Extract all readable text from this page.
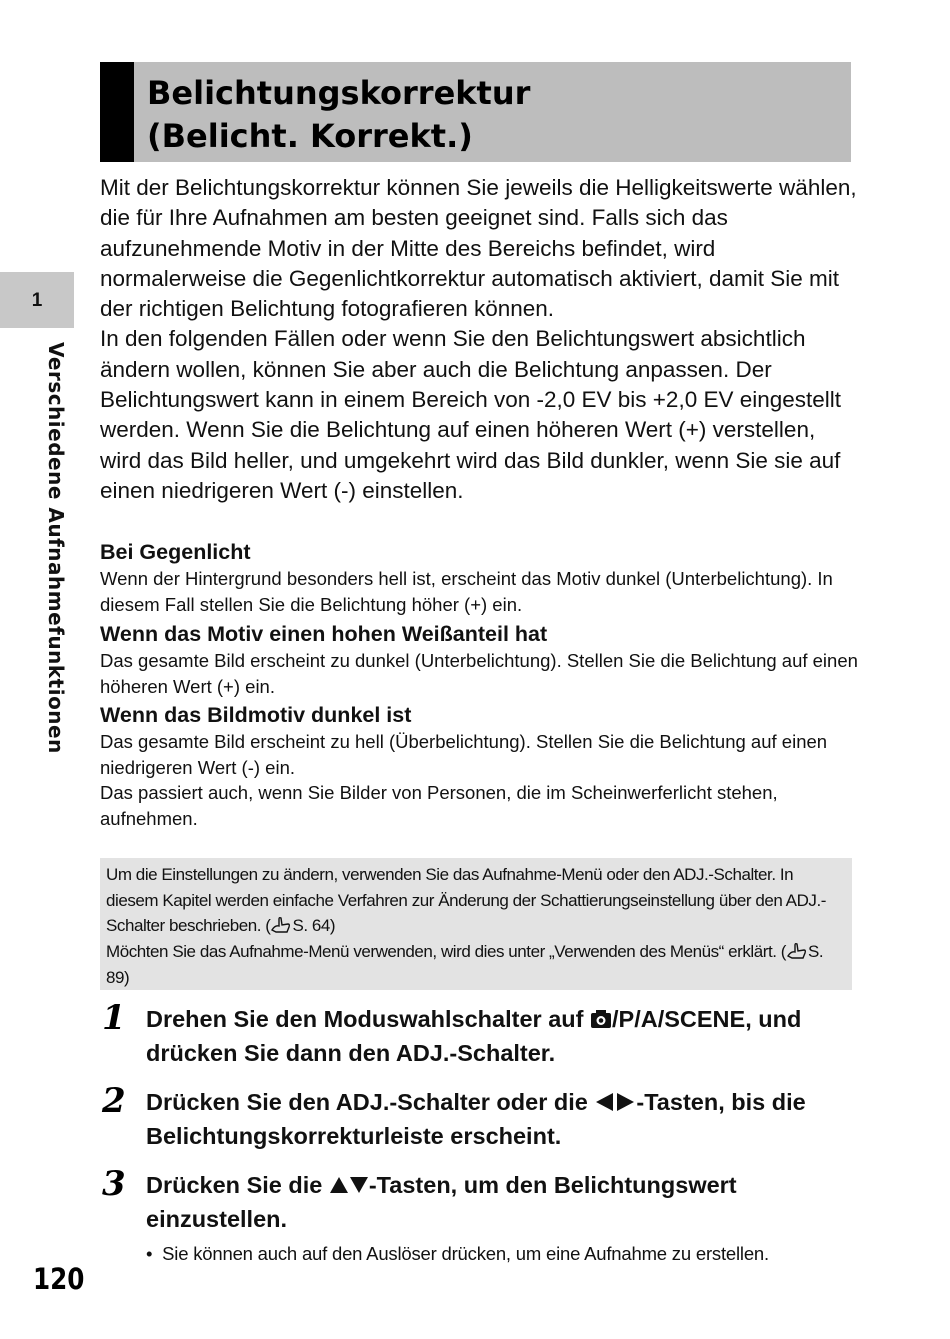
Belichtungskorrektur
(Belicht. Korrekt.)
1
Verschiedene Aufnahmefunktionen

Mit der Belichtungskorrektur können Sie jeweils die Helligkeitswerte wählen, die für Ihre Aufnahmen am besten geeignet sind. Falls sich das aufzunehmende Motiv in der Mitte des Bereichs befindet, wird normalerweise die Gegenlichtkorrektur automatisch aktiviert, damit Sie mit der richtigen Belichtung fotografieren können.

In den folgenden Fällen oder wenn Sie den Belichtungswert absichtlich ändern wollen, können Sie aber auch die Belichtung anpassen. Der Belichtungswert kann in einem Bereich von -2,0 EV bis +2,0 EV eingestellt werden. Wenn Sie die Belichtung auf einen höheren Wert (+) verstellen, wird das Bild heller, und umgekehrt wird das Bild dunkler, wenn Sie sie auf einen niedrigeren Wert (-) einstellen.

Bei Gegenlicht

Wenn der Hintergrund besonders hell ist, erscheint das Motiv dunkel (Unterbelichtung). In diesem Fall stellen Sie die Belichtung höher (+) ein.

Wenn das Motiv einen hohen Weißanteil hat

Das gesamte Bild erscheint zu dunkel (Unterbelichtung). Stellen Sie die Belichtung auf einen höheren Wert (+) ein.

Wenn das Bildmotiv dunkel ist

Das gesamte Bild erscheint zu hell (Überbelichtung). Stellen Sie die Belichtung auf einen niedrigeren Wert (-) ein.

Das passiert auch, wenn Sie Bilder von Personen, die im Scheinwerferlicht stehen, aufnehmen.

Um die Einstellungen zu ändern, verwenden Sie das Aufnahme-Menü oder den ADJ.-Schalter. In diesem Kapitel werden einfache Verfahren zur Änderung der Schattierungseinstellung über den ADJ.-Schalter beschrieben. ( S. 64)

Möchten Sie das Aufnahme-Menü verwenden, wird dies unter „Verwenden des Menüs“ erklärt. ( S. 89)

1 Drehen Sie den Moduswahlschalter auf /P/A/SCENE, und drücken Sie dann den ADJ.-Schalter.
2 Drücken Sie den ADJ.-Schalter oder die -Tasten, bis die Belichtungskorrekturleiste erscheint.
3 Drücken Sie die -Tasten, um den Belichtungswert einzustellen.
• Sie können auch auf den Auslöser drücken, um eine Aufnahme zu erstellen.
120
